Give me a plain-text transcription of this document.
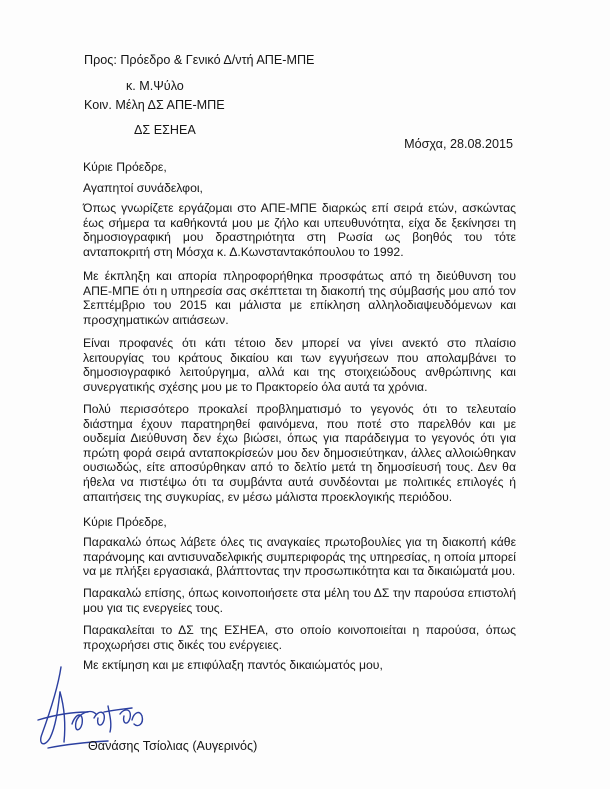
Προς: Πρόεδρο & Γενικό Δ/ντή ΑΠΕ-ΜΠΕ
κ. Μ.Ψύλο
Κοιν. Μέλη ΔΣ ΑΠΕ-ΜΠΕ
ΔΣ ΕΣΗΕΑ
Μόσχα, 28.08.2015
Κύριε Πρόεδρε,
Αγαπητοί συνάδελφοι,
Όπως γνωρίζετε εργάζομαι στο ΑΠΕ-ΜΠΕ διαρκώς επί σειρά ετών, ασκώντας έως σήμερα τα καθήκοντά μου με ζήλο και υπευθυνότητα, είχα δε ξεκίνησει τη δημοσιογραφική μου δραστηριότητα στη Ρωσία ως βοηθός του τότε ανταποκριτή στη Μόσχα κ. Δ.Κωνσταντακόπουλου το 1992.
Με έκπληξη και απορία πληροφορήθηκα προσφάτως από τη διεύθυνση του ΑΠΕ-ΜΠΕ ότι η υπηρεσία σας σκέπτεται τη διακοπή της σύμβασής μου από τον Σεπτέμβριο του 2015 και μάλιστα με επίκληση αλληλοδιαψευδόμενων και προσχηματικών αιτιάσεων.
Είναι προφανές ότι κάτι τέτοιο δεν μπορεί να γίνει ανεκτό στο πλαίσιο λειτουργίας του κράτους δικαίου και των εγγυήσεων που απολαμβάνει το δημοσιογραφικό λειτούργημα, αλλά και της στοιχειώδους ανθρώπινης και συνεργατικής σχέσης μου με το Πρακτορείο όλα αυτά τα χρόνια.
Πολύ περισσότερο προκαλεί προβληματισμό το γεγονός ότι το τελευταίο διάστημα έχουν παρατηρηθεί φαινόμενα, που ποτέ στο παρελθόν και με ουδεμία Διεύθυνση δεν έχω βιώσει, όπως για παράδειγμα το γεγονός ότι για πρώτη φορά σειρά ανταποκρίσεών μου δεν δημοσιεύτηκαν, άλλες αλλοιώθηκαν ουσιωδώς, είτε αποσύρθηκαν από το δελτίο μετά τη δημοσίευσή τους. Δεν θα ήθελα να πιστέψω ότι τα συμβάντα αυτά συνδέονται με πολιτικές επιλογές ή απαιτήσεις της συγκυρίας, εν μέσω μάλιστα προεκλογικής περιόδου.
Κύριε Πρόεδρε,
Παρακαλώ όπως λάβετε όλες τις αναγκαίες πρωτοβουλίες για τη διακοπή κάθε παράνομης και αντισυναδελφικής συμπεριφοράς της υπηρεσίας, η οποία μπορεί να με πλήξει εργασιακά, βλάπτοντας την προσωπικότητα και τα δικαιώματά μου.
Παρακαλώ επίσης, όπως κοινοποιήσετε στα μέλη του ΔΣ την παρούσα επιστολή μου για τις ενεργείες τους.
Παρακαλείται το ΔΣ της ΕΣΗΕΑ, στο οποίο κοινοποιείται η παρούσα, όπως προχωρήσει στις δικές του ενέργειες.
Με εκτίμηση και με επιφύλαξη παντός δικαιώματός μου,
Θανάσης Τσίολιας (Αυγερινός)
